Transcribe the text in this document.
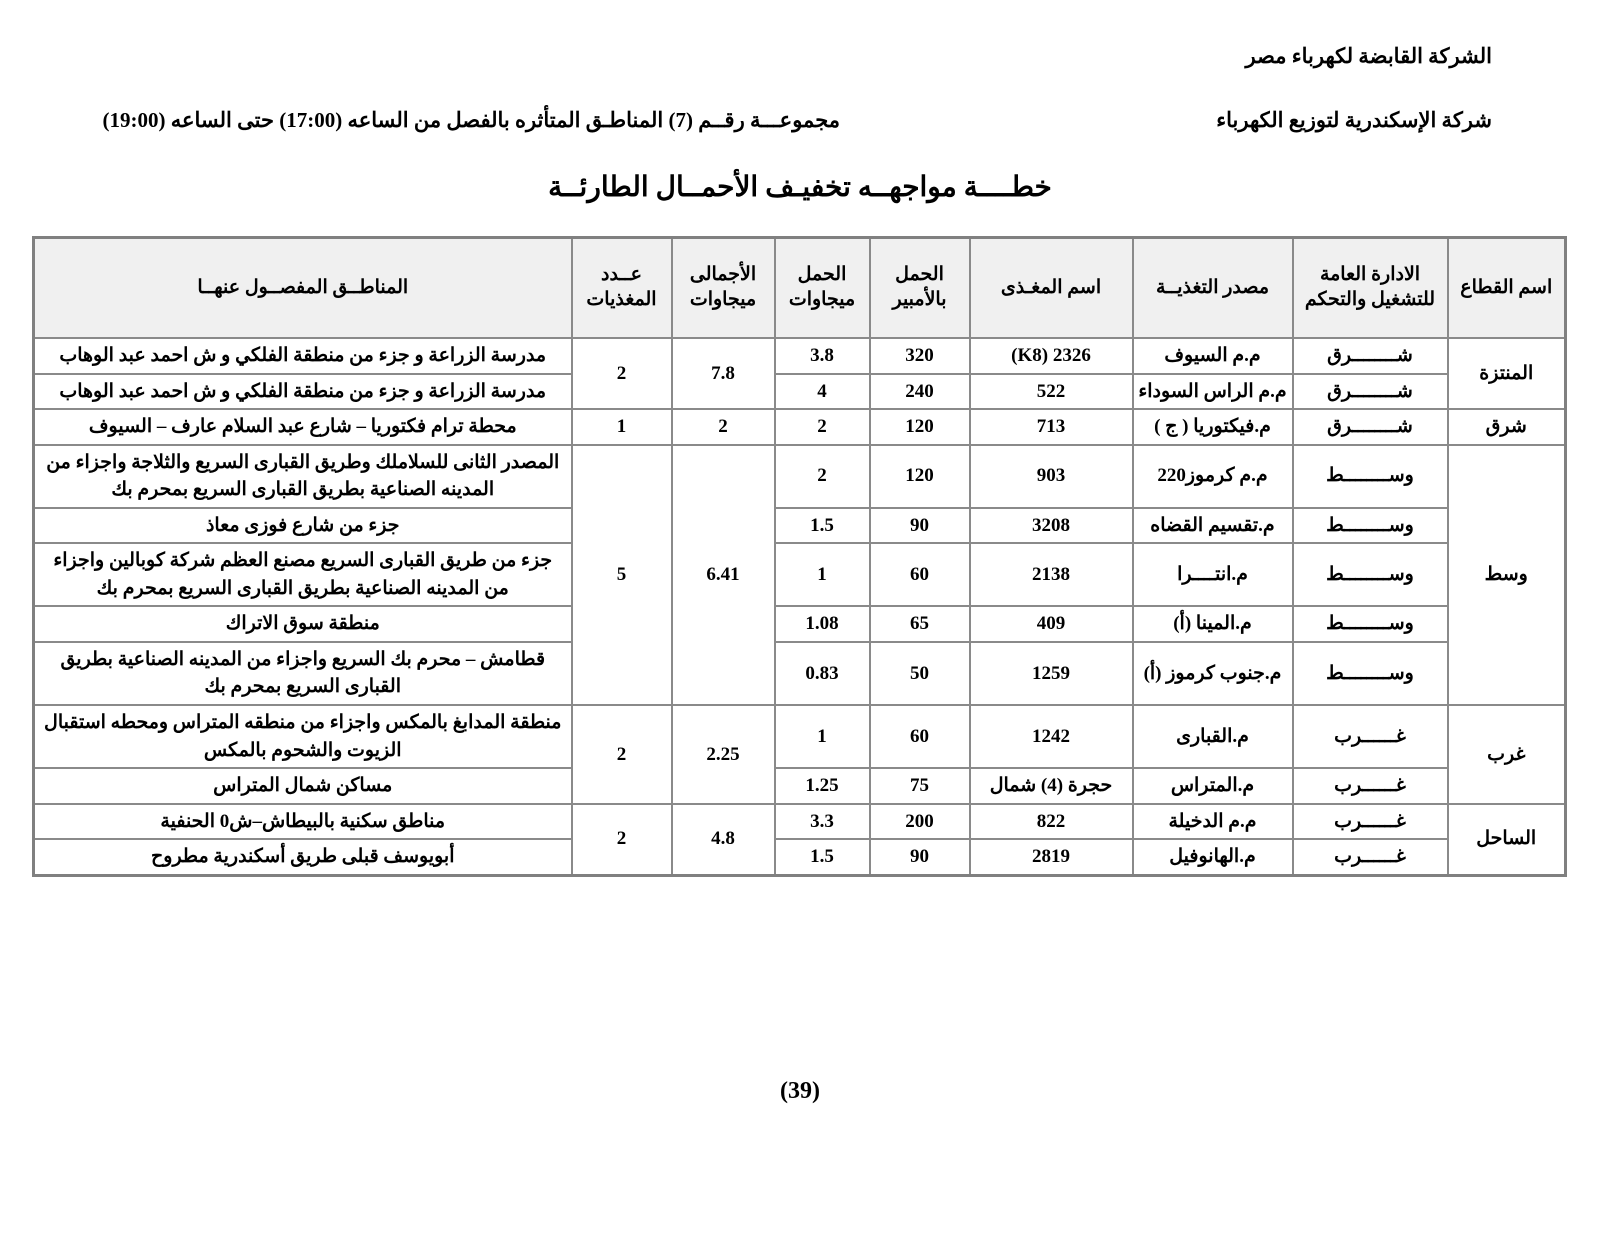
الشركة القابضة لكهرباء مصر
شركة الإسكندرية لتوزيع الكهرباء
مجموعـــة رقــم (7) المناطـق المتأثره بالفصل من الساعه (17:00) حتى الساعه (19:00)
خطــــة مواجهــه تخفيـف الأحمــال الطارئــة
اسم القطاع	الادارة العامة للتشغيل والتحكم	مصدر التغذيــة	اسم المغـذى	الحمل بالأمبير	الحمل ميجاوات	الأجمالى ميجاوات	عــدد المغذيات	المناطــق المفصــول عنهــا
المنتزة	شــــــــرق	م.م السيوف	2326 (K8)	320	3.8	7.8	2	مدرسة الزراعة و جزء من منطقة الفلكي و ش احمد عبد الوهاب
	شــــــــرق	م.م الراس السوداء	522	240	4			مدرسة الزراعة و جزء من منطقة الفلكي و ش احمد عبد الوهاب
شرق	شــــــــرق	م.فيكتوريا ( ج )	713	120	2	2	1	محطة ترام فكتوريا – شارع عبد السلام عارف – السيوف
وسط	وســــــــط	م.م كرموز220	903	120	2	6.41	5	المصدر الثانى للسلاملك وطريق القبارى السريع والثلاجة واجزاء من المدينه الصناعية بطريق القبارى السريع بمحرم بك
	وســــــــط	م.تقسيم القضاه	3208	90	1.5			جزء من شارع فوزى معاذ
	وســــــــط	م.انتــــرا	2138	60	1			جزء من طريق القبارى السريع مصنع العظم شركة كوبالين واجزاء من المدينه الصناعية بطريق القبارى السريع بمحرم بك
	وســــــــط	م.المينا (أ)	409	65	1.08			منطقة سوق الاتراك
	وســــــــط	م.جنوب كرموز (أ)	1259	50	0.83			قطامش – محرم بك السريع واجزاء من المدينه الصناعية بطريق القبارى السريع بمحرم بك
غرب	غــــــرب	م.القبارى	1242	60	1	2.25	2	منطقة المدابغ بالمكس واجزاء من منطقه المتراس ومحطه استقبال الزيوت والشحوم بالمكس
	غــــــرب	م.المتراس	حجرة (4) شمال	75	1.25			مساكن شمال المتراس
الساحل	غــــــرب	م.م الدخيلة	822	200	3.3	4.8	2	مناطق سكنية بالبيطاش–ش0 الحنفية
	غــــــرب	م.الهانوفيل	2819	90	1.5			أبويوسف قبلى طريق أسكندرية مطروح
(39)
